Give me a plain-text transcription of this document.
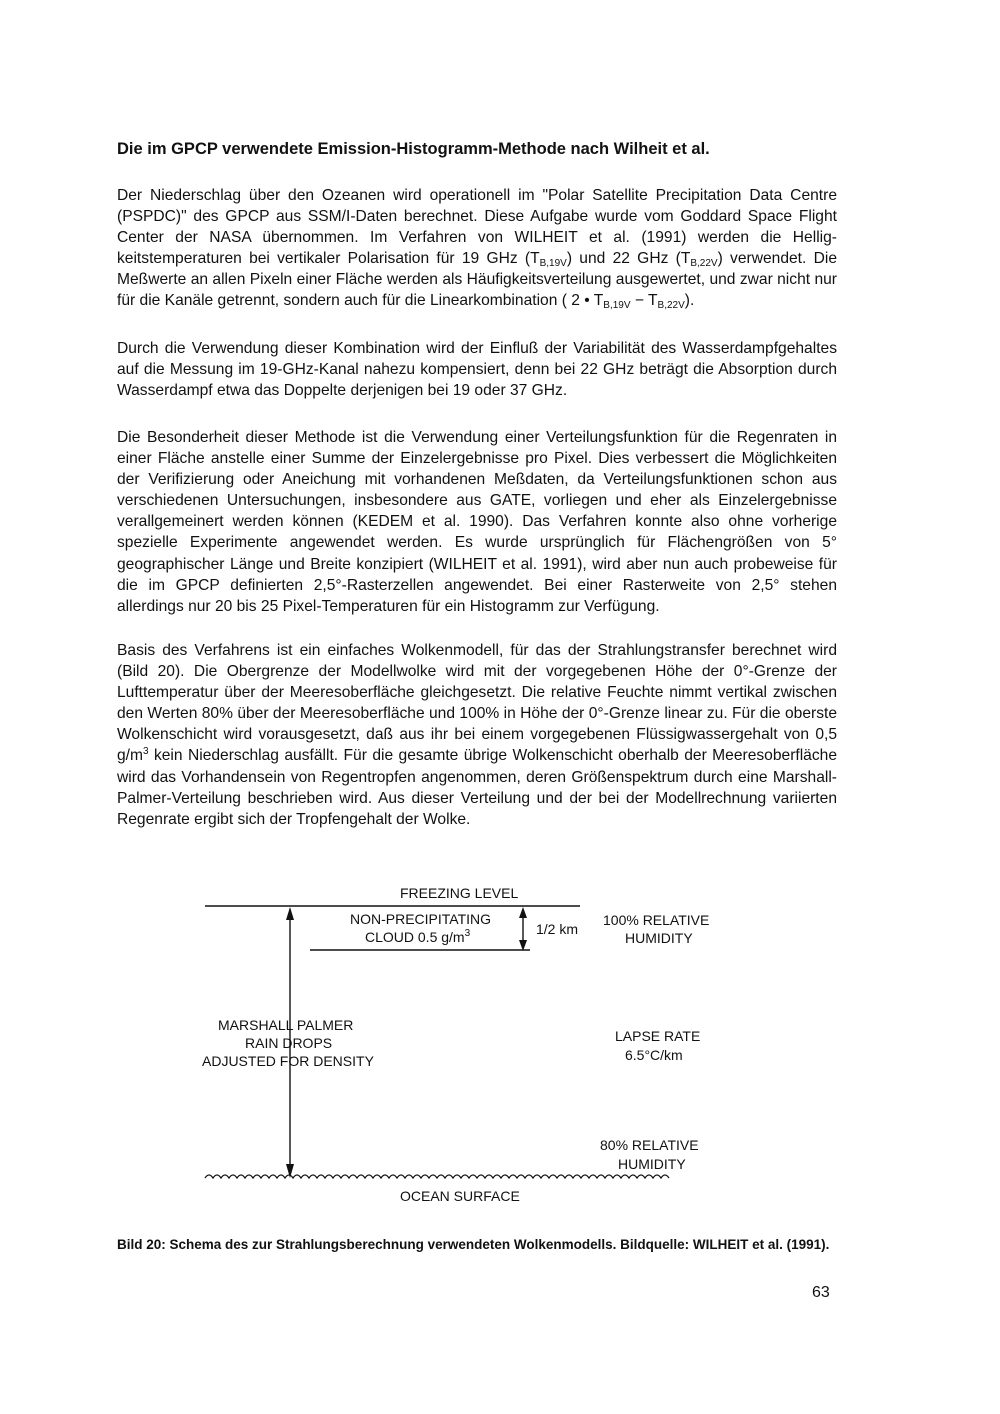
Die im GPCP verwendete Emission-Histogramm-Methode nach Wilheit et al.

Der Niederschlag über den Ozeanen wird operationell im "Polar Satellite Precipitation Data Centre (PSPDC)" des GPCP aus SSM/I-Daten berechnet. Diese Aufgabe wurde vom Goddard Space Flight Center der NASA übernommen. Im Verfahren von WILHEIT et al. (1991) werden die Helligkeitstemperaturen bei vertikaler Polarisation für 19 GHz $(T_{B,19V})$ und 22 GHz $(T_{B,22V})$ verwendet. Die Meßwerte an allen Pixeln einer Fläche werden als Häufigkeitsverteilung ausgewertet, und zwar nicht nur für die Kanäle getrennt, sondern auch für die Linearkombination ( 2 • $T_{B,19V} - T_{B,22V}$).

Durch die Verwendung dieser Kombination wird der Einfluß der Variabilität des Wasserdampfgehaltes auf die Messung im 19-GHz-Kanal nahezu kompensiert, denn bei 22 GHz beträgt die Absorption durch Wasserdampf etwa das Doppelte derjenigen bei 19 oder 37 GHz.

Die Besonderheit dieser Methode ist die Verwendung einer Verteilungsfunktion für die Regenraten in einer Fläche anstelle einer Summe der Einzelergebnisse pro Pixel. Dies verbessert die Möglichkeiten der Verifizierung oder Aneichung mit vorhandenen Meßdaten, da Verteilungsfunktionen schon aus verschiedenen Untersuchungen, insbesondere aus GATE, vorliegen und eher als Einzelergebnisse verallgemeinert werden können (KEDEM et al. 1990). Das Verfahren konnte also ohne vorherige spezielle Experimente angewendet werden. Es wurde ursprünglich für Flächengrößen von 5° geographischer Länge und Breite konzipiert (WILHEIT et al. 1991), wird aber nun auch probeweise für die im GPCP definierten 2,5°-Rasterzellen angewendet. Bei einer Rasterweite von 2,5° stehen allerdings nur 20 bis 25 Pixel-Temperaturen für ein Histogramm zur Verfügung.

Basis des Verfahrens ist ein einfaches Wolkenmodell, für das der Strahlungstransfer berechnet wird (Bild 20). Die Obergrenze der Modellwolke wird mit der vorgegebenen Höhe der 0°-Grenze der Lufttemperatur über der Meeresoberfläche gleichgesetzt. Die relative Feuchte nimmt vertikal zwischen den Werten 80% über der Meeresoberfläche und 100% in Höhe der 0°-Grenze linear zu. Für die oberste Wolkenschicht wird vorausgesetzt, daß aus ihr bei einem vorgegebenen Flüssigwassergehalt von 0,5 $g/m^3$ kein Niederschlag ausfällt. Für die gesamte übrige Wolkenschicht oberhalb der Meeresoberfläche wird das Vorhandensein von Regentropfen angenommen, deren Größenspektrum durch eine Marshall-Palmer-Verteilung beschrieben wird. Aus dieser Verteilung und der bei der Modellrechnung variierten Regenrate ergibt sich der Tropfengehalt der Wolke.

FREEZING LEVEL
NON-PRECIPITATING
CLOUD 0.5 $g/m^3$	1/2 km
100% RELATIVE
HUMIDITY
MARSHALL PALMER
RAIN DROPS
ADJUSTED FOR DENSITY
LAPSE RATE
6.5°C/km
80% RELATIVE
HUMIDITY
OCEAN SURFACE
Bild 20: Schema des zur Strahlungsberechnung verwendeten Wolkenmodells. Bildquelle: WILHEIT et al. (1991).
63
